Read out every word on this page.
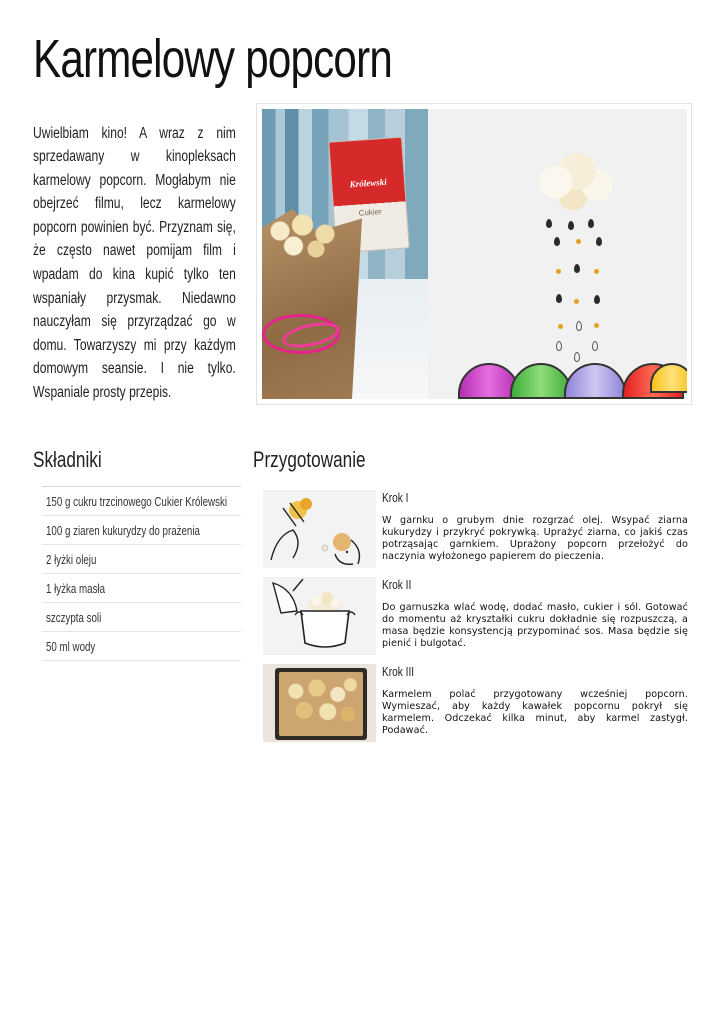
Karmelowy popcorn

Uwielbiam kino! A wraz z nim sprzedawany w kinopleksach karmelowy popcorn. Mogłabym nie obejrzeć filmu, lecz karmelowy popcorn powinien być. Przyznam się, że często nawet pomijam film i wpadam do kina kupić tylko ten wspaniały przysmak. Niedawno nauczyłam się przyrządzać go w domu. Towarzyszy mi przy każdym domowym seansie. I nie tylko. Wspaniale prosty przepis.

Królewski
Cukier
Składniki
150 g cukru trzcinowego Cukier Królewski
100 g ziaren kukurydzy do prażenia
2 łyżki oleju
1 łyżka masła
szczypta soli
50 ml wody
Przygotowanie
Krok I
W garnku o grubym dnie rozgrzać olej. Wsypać ziarna kukurydzy i przykryć pokrywką. Uprażyć ziarna, co jakiś czas potrząsając garnkiem. Uprażony popcorn przełożyć do naczynia wyłożonego papierem do pieczenia.
Krok II
Do garnuszka wlać wodę, dodać masło, cukier i sól. Gotować do momentu aż kryształki cukru dokładnie się rozpuszczą, a masa będzie konsystencją przypominać sos. Masa będzie się pienić i bulgotać.
Krok III
Karmelem polać przygotowany wcześniej popcorn. Wymieszać, aby każdy kawałek popcornu pokrył się karmelem. Odczekać kilka minut, aby karmel zastygł. Podawać.
